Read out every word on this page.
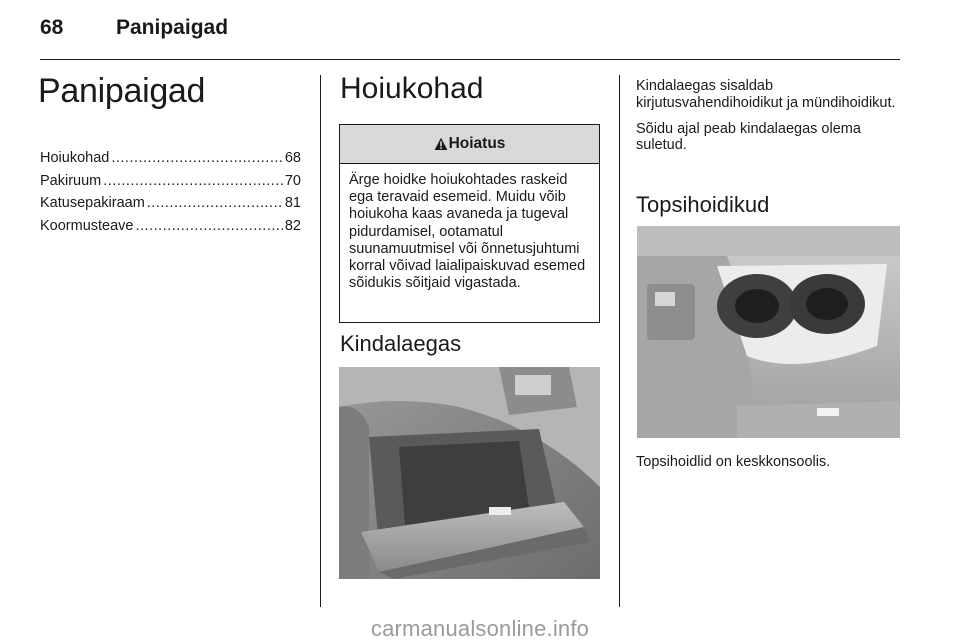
68	Panipaigad
Panipaigad
Hoiukohad .....	68
Pakiruum .....	70
Katusepakiraam .....	81
Koormusteave .....	82
Hoiukohad
Hoiatus
Ärge hoidke hoiukohtades raskeid ega teravaid esemeid. Muidu võib hoiukoha kaas avaneda ja tugeval pidurdamisel, ootamatul suunamuutmisel või õnnetusjuhtumi korral võivad laialipaiskuvad esemed sõidukis sõitjaid vigastada.
Kindalaegas

Kindalaegas sisaldab kirjutusvahendihoidikut ja mündihoidikut.

Sõidu ajal peab kindalaegas olema suletud.

Topsihoidikud
Topsihoidlid on keskkonsoolis.
carmanualsonline.info
